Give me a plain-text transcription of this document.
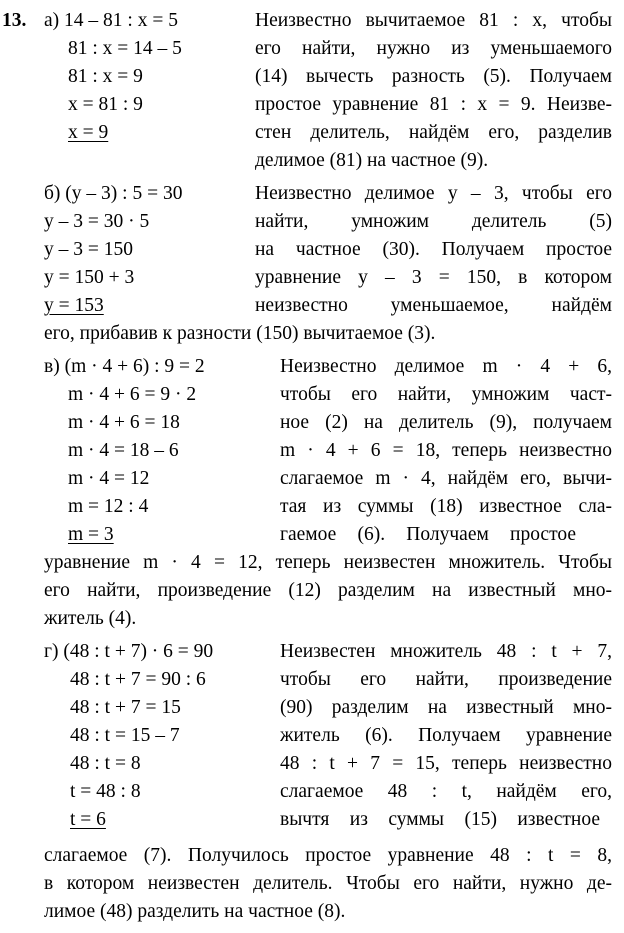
13. а) 14 – 81 : x = 5
81 : x = 14 – 5
81 : x = 9
x = 81 : 9
x = 9
Неизвестно вычитаемое 81 : x, чтобы
его найти, нужно из уменьшаемого
(14) вычесть разность (5). Получаем
простое уравнение 81 : x = 9. Неизве-
стен делитель, найдём его, разделив
делимое (81) на частное (9).
б) (y – 3) : 5 = 30
y – 3 = 30 · 5
y – 3 = 150
y = 150 + 3
y = 153
Неизвестно делимое y – 3, чтобы его
найти, умножим делитель (5)
на частное (30). Получаем простое
уравнение y – 3 = 150, в котором
неизвестно уменьшаемое, найдём
его, прибавив к разности (150) вычитаемое (3).
в) (m · 4 + 6) : 9 = 2
m · 4 + 6 = 9 · 2
m · 4 + 6 = 18
m · 4 = 18 – 6
m · 4 = 12
m = 12 : 4
m = 3
Неизвестно делимое m · 4 + 6,
чтобы его найти, умножим част-
ное (2) на делитель (9), получаем
m · 4 + 6 = 18, теперь неизвестно
слагаемое m · 4, найдём его, вычи-
тая из суммы (18) известное сла-
гаемое (6). Получаем простое
уравнение m · 4 = 12, теперь неизвестен множитель. Чтобы
его найти, произведение (12) разделим на известный мно-
житель (4).
г) (48 : t + 7) · 6 = 90
48 : t + 7 = 90 : 6
48 : t + 7 = 15
48 : t = 15 – 7
48 : t = 8
t = 48 : 8
t = 6
Неизвестен множитель 48 : t + 7,
чтобы его найти, произведение
(90) разделим на известный мно-
житель (6). Получаем уравнение
48 : t + 7 = 15, теперь неизвестно
слагаемое 48 : t, найдём его,
вычтя из суммы (15) известное
слагаемое (7). Получилось простое уравнение 48 : t = 8,
в котором неизвестен делитель. Чтобы его найти, нужно де-
лимое (48) разделить на частное (8).
